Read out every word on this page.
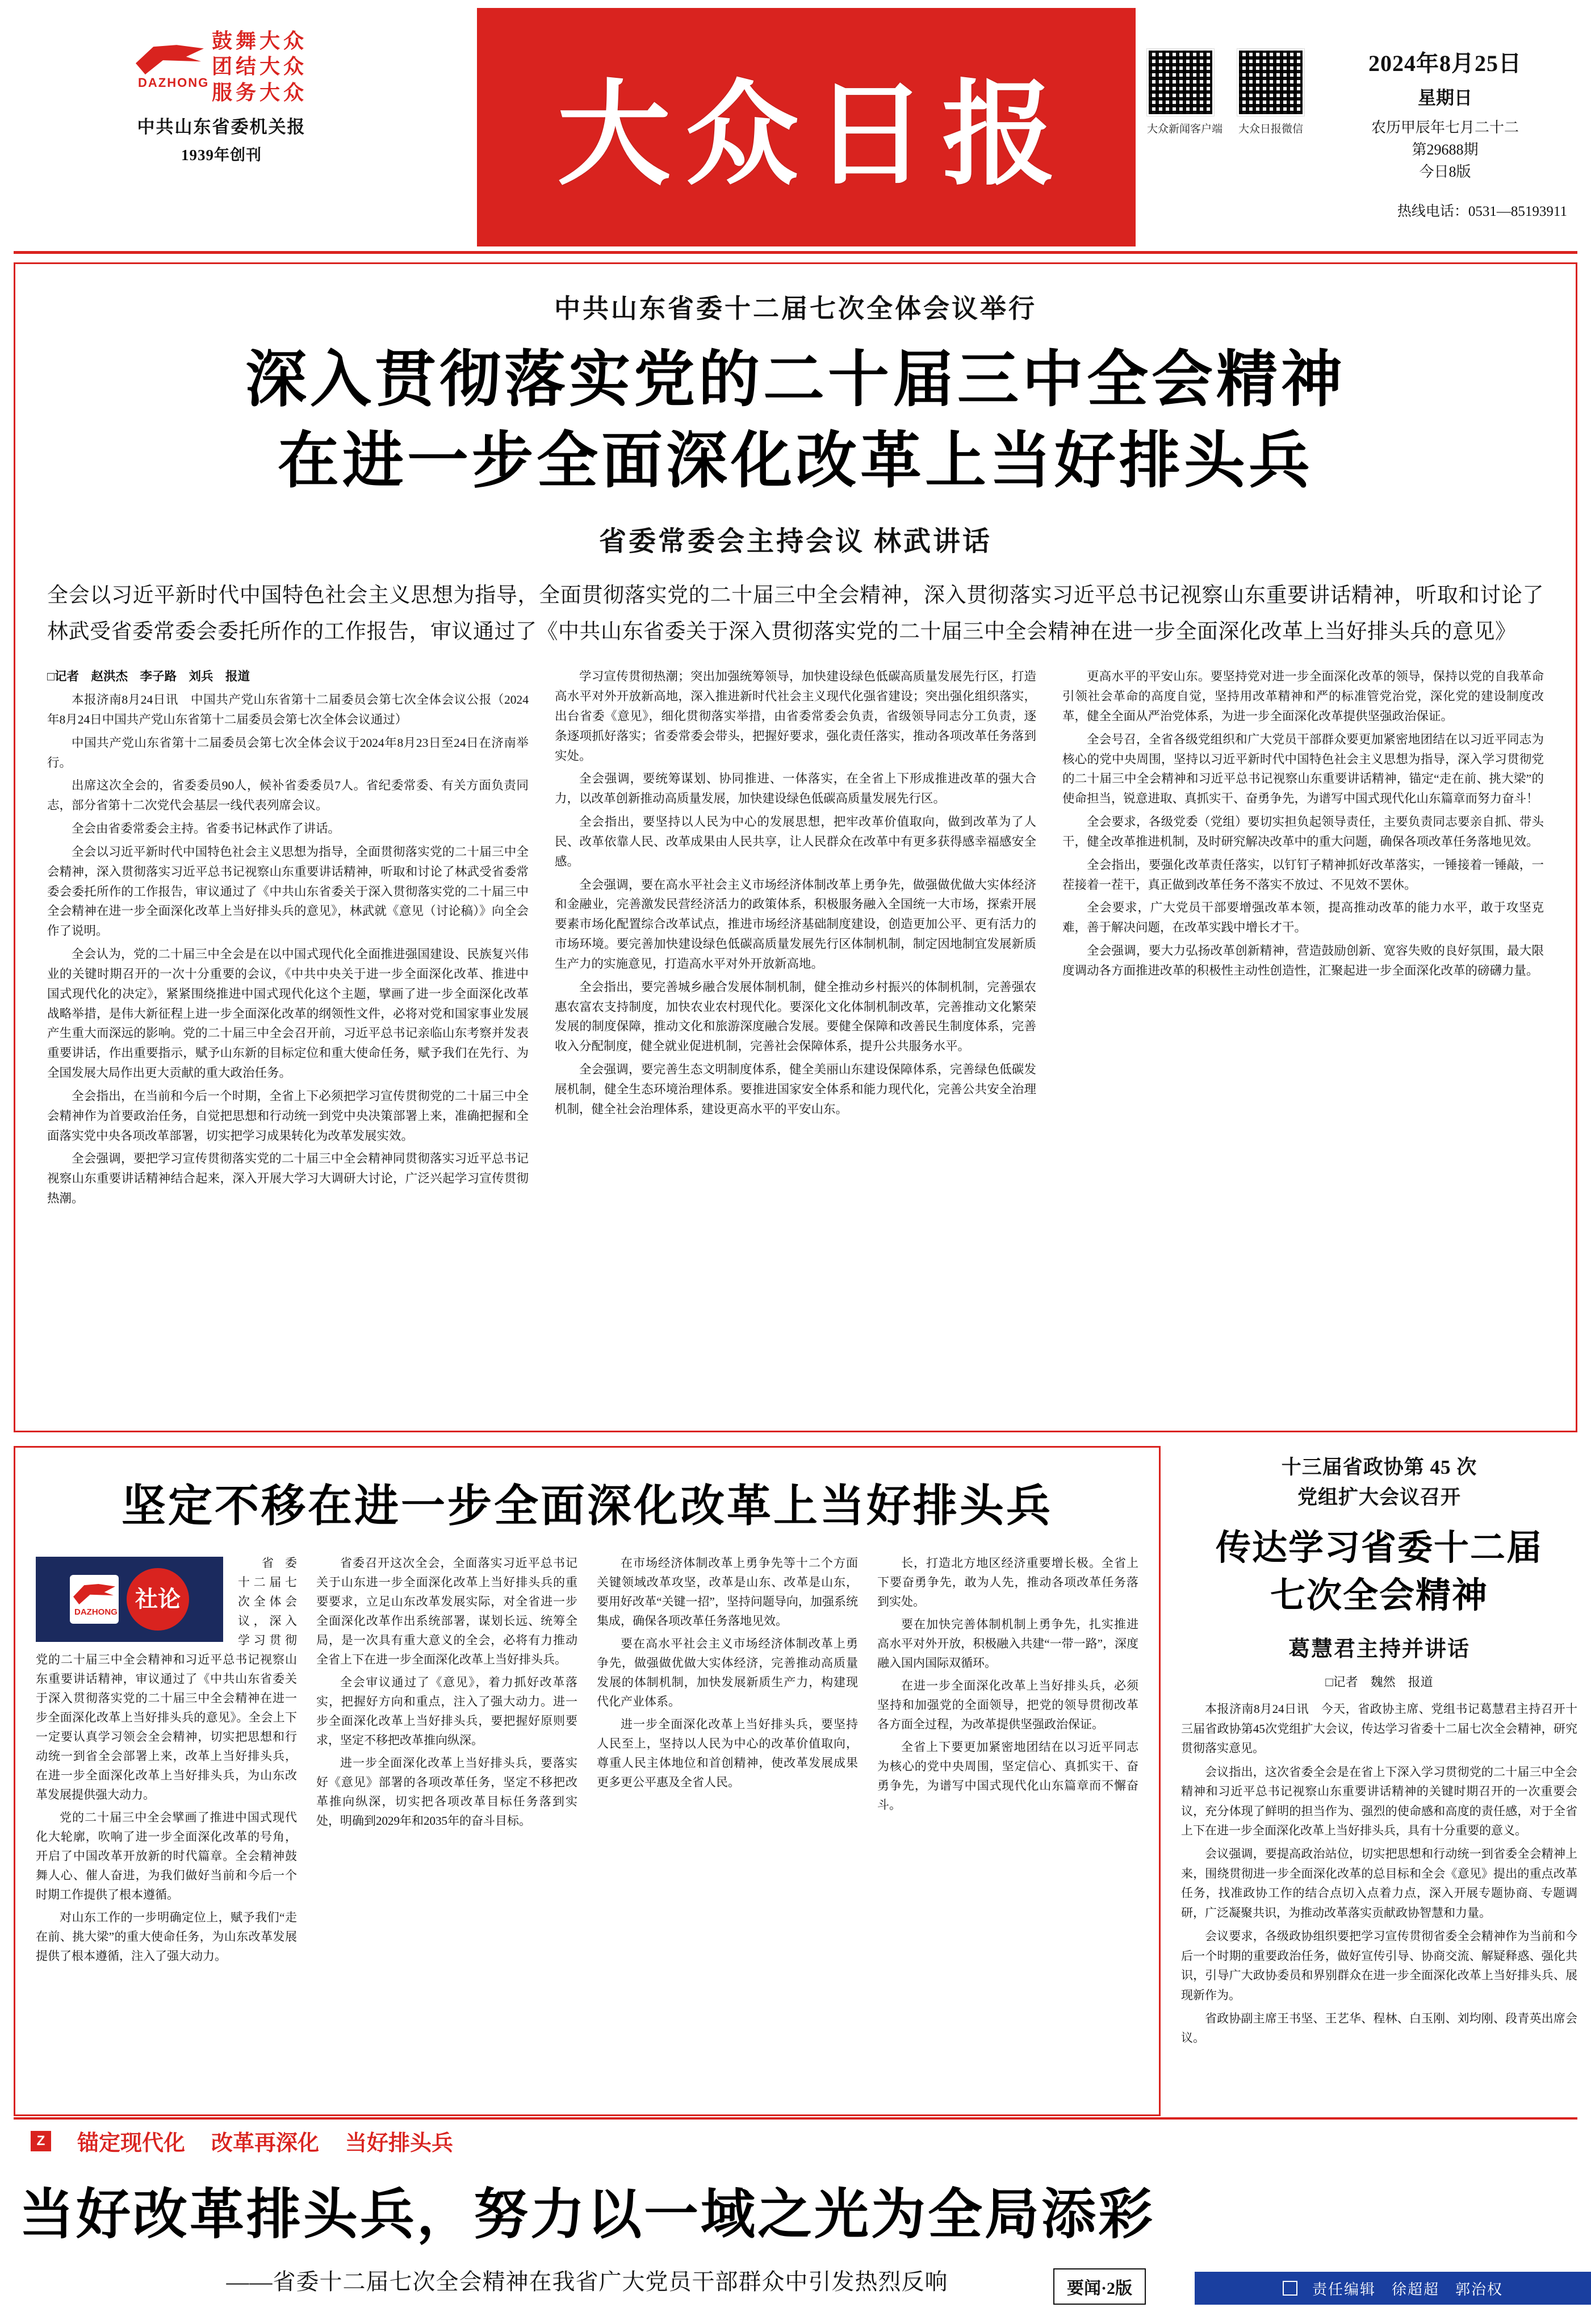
DAZHONG
鼓舞大众
团结大众
服务大众
中共山东省委机关报
1939年创刊	大众日报	大众新闻客户端 大众日报微信
2024年8月25日
星期日
农历甲辰年七月二十二
第29688期
今日8版
热线电话：0531—85193911
中共山东省委十二届七次全体会议举行
深入贯彻落实党的二十届三中全会精神
在进一步全面深化改革上当好排头兵
省委常委会主持会议 林武讲话
全会以习近平新时代中国特色社会主义思想为指导，全面贯彻落实党的二十届三中全会精神，深入贯彻落实习近平总书记视察山东重要讲话精神，听取和讨论了林武受省委常委会委托所作的工作报告，审议通过了《中共山东省委关于深入贯彻落实党的二十届三中全会精神在进一步全面深化改革上当好排头兵的意见》

□记者　赵洪杰　李子路　刘兵　报道

本报济南8月24日讯　中国共产党山东省第十二届委员会第七次全体会议公报（2024年8月24日中国共产党山东省第十二届委员会第七次全体会议通过）

中国共产党山东省第十二届委员会第七次全体会议于2024年8月23日至24日在济南举行。

出席这次全会的，省委委员90人，候补省委委员7人。省纪委常委、有关方面负责同志，部分省第十二次党代会基层一线代表列席会议。

全会由省委常委会主持。省委书记林武作了讲话。

全会以习近平新时代中国特色社会主义思想为指导，全面贯彻落实党的二十届三中全会精神，深入贯彻落实习近平总书记视察山东重要讲话精神，听取和讨论了林武受省委常委会委托所作的工作报告，审议通过了《中共山东省委关于深入贯彻落实党的二十届三中全会精神在进一步全面深化改革上当好排头兵的意见》，林武就《意见（讨论稿）》向全会作了说明。

全会认为，党的二十届三中全会是在以中国式现代化全面推进强国建设、民族复兴伟业的关键时期召开的一次十分重要的会议，《中共中央关于进一步全面深化改革、推进中国式现代化的决定》，紧紧围绕推进中国式现代化这个主题，擘画了进一步全面深化改革战略举措，是伟大新征程上进一步全面深化改革的纲领性文件，必将对党和国家事业发展产生重大而深远的影响。党的二十届三中全会召开前，习近平总书记亲临山东考察并发表重要讲话，作出重要指示，赋予山东新的目标定位和重大使命任务，赋予我们在先行、为全国发展大局作出更大贡献的重大政治任务。

全会指出，在当前和今后一个时期，全省上下必须把学习宣传贯彻党的二十届三中全会精神作为首要政治任务，自觉把思想和行动统一到党中央决策部署上来，准确把握和全面落实党中央各项改革部署，切实把学习成果转化为改革发展实效。

全会强调，要把学习宣传贯彻落实党的二十届三中全会精神同贯彻落实习近平总书记视察山东重要讲话精神结合起来，深入开展大学习大调研大讨论，广泛兴起学习宣传贯彻热潮。

学习宣传贯彻热潮；突出加强统筹领导，加快建设绿色低碳高质量发展先行区，打造高水平对外开放新高地，深入推进新时代社会主义现代化强省建设；突出强化组织落实，出台省委《意见》，细化贯彻落实举措，由省委常委会负责，省级领导同志分工负责，逐条逐项抓好落实；省委常委会带头，把握好要求，强化责任落实，推动各项改革任务落到实处。

全会强调，要统筹谋划、协同推进、一体落实，在全省上下形成推进改革的强大合力，以改革创新推动高质量发展，加快建设绿色低碳高质量发展先行区。

全会指出，要坚持以人民为中心的发展思想，把牢改革价值取向，做到改革为了人民、改革依靠人民、改革成果由人民共享，让人民群众在改革中有更多获得感幸福感安全感。

全会强调，要在高水平社会主义市场经济体制改革上勇争先，做强做优做大实体经济和金融业，完善激发民营经济活力的政策体系，积极服务融入全国统一大市场，探索开展要素市场化配置综合改革试点，推进市场经济基础制度建设，创造更加公平、更有活力的市场环境。要完善加快建设绿色低碳高质量发展先行区体制机制，制定因地制宜发展新质生产力的实施意见，打造高水平对外开放新高地。

全会指出，要完善城乡融合发展体制机制，健全推动乡村振兴的体制机制，完善强农惠农富农支持制度，加快农业农村现代化。要深化文化体制机制改革，完善推动文化繁荣发展的制度保障，推动文化和旅游深度融合发展。要健全保障和改善民生制度体系，完善收入分配制度，健全就业促进机制，完善社会保障体系，提升公共服务水平。

全会强调，要完善生态文明制度体系，健全美丽山东建设保障体系，完善绿色低碳发展机制，健全生态环境治理体系。要推进国家安全体系和能力现代化，完善公共安全治理机制，健全社会治理体系，建设更高水平的平安山东。

更高水平的平安山东。要坚持党对进一步全面深化改革的领导，保持以党的自我革命引领社会革命的高度自觉，坚持用改革精神和严的标准管党治党，深化党的建设制度改革，健全全面从严治党体系，为进一步全面深化改革提供坚强政治保证。

全会号召，全省各级党组织和广大党员干部群众要更加紧密地团结在以习近平同志为核心的党中央周围，坚持以习近平新时代中国特色社会主义思想为指导，深入学习贯彻党的二十届三中全会精神和习近平总书记视察山东重要讲话精神，锚定“走在前、挑大梁”的使命担当，锐意进取、真抓实干、奋勇争先，为谱写中国式现代化山东篇章而努力奋斗！

全会要求，各级党委（党组）要切实担负起领导责任，主要负责同志要亲自抓、带头干，健全改革推进机制，及时研究解决改革中的重大问题，确保各项改革任务落地见效。

全会指出，要强化改革责任落实，以钉钉子精神抓好改革落实，一锤接着一锤敲，一茬接着一茬干，真正做到改革任务不落实不放过、不见效不罢休。

全会要求，广大党员干部要增强改革本领，提高推动改革的能力水平，敢于攻坚克难，善于解决问题，在改革实践中增长才干。

全会强调，要大力弘扬改革创新精神，营造鼓励创新、宽容失败的良好氛围，最大限度调动各方面推进改革的积极性主动性创造性，汇聚起进一步全面深化改革的磅礴力量。

坚定不移在进一步全面深化改革上当好排头兵
DAZHONG
社论

省委十二届七次全体会议，深入学习贯彻党的二十届三中全会精神和习近平总书记视察山东重要讲话精神，审议通过了《中共山东省委关于深入贯彻落实党的二十届三中全会精神在进一步全面深化改革上当好排头兵的意见》。全会上下一定要认真学习领会全会精神，切实把思想和行动统一到省全会部署上来，改革上当好排头兵，在进一步全面深化改革上当好排头兵，为山东改革发展提供强大动力。

党的二十届三中全会擘画了推进中国式现代化大轮廓，吹响了进一步全面深化改革的号角，开启了中国改革开放新的时代篇章。全会精神鼓舞人心、催人奋进，为我们做好当前和今后一个时期工作提供了根本遵循。

对山东工作的一步明确定位上，赋予我们“走在前、挑大梁”的重大使命任务，为山东改革发展提供了根本遵循，注入了强大动力。

省委召开这次全会，全面落实习近平总书记关于山东进一步全面深化改革上当好排头兵的重要要求，立足山东改革发展实际，对全省进一步全面深化改革作出系统部署，谋划长远、统筹全局，是一次具有重大意义的全会，必将有力推动全省上下在进一步全面深化改革上当好排头兵。

全会审议通过了《意见》，着力抓好改革落实，把握好方向和重点，注入了强大动力。进一步全面深化改革上当好排头兵，要把握好原则要求，坚定不移把改革推向纵深。

进一步全面深化改革上当好排头兵，要落实好《意见》部署的各项改革任务，坚定不移把改革推向纵深，切实把各项改革目标任务落到实处，明确到2029年和2035年的奋斗目标。

在市场经济体制改革上勇争先等十二个方面关键领域改革攻坚，改革是山东、改革是山东，要用好改革“关键一招”，坚持问题导向，加强系统集成，确保各项改革任务落地见效。

要在高水平社会主义市场经济体制改革上勇争先，做强做优做大实体经济，完善推动高质量发展的体制机制，加快发展新质生产力，构建现代化产业体系。

进一步全面深化改革上当好排头兵，要坚持人民至上，坚持以人民为中心的改革价值取向，尊重人民主体地位和首创精神，使改革发展成果更多更公平惠及全省人民。

长，打造北方地区经济重要增长极。全省上下要奋勇争先，敢为人先，推动各项改革任务落到实处。

要在加快完善体制机制上勇争先，扎实推进高水平对外开放，积极融入共建“一带一路”，深度融入国内国际双循环。

在进一步全面深化改革上当好排头兵，必须坚持和加强党的全面领导，把党的领导贯彻改革各方面全过程，为改革提供坚强政治保证。

全省上下要更加紧密地团结在以习近平同志为核心的党中央周围，坚定信心、真抓实干、奋勇争先，为谱写中国式现代化山东篇章而不懈奋斗。

十三届省政协第 45 次
党组扩大会议召开
传达学习省委十二届
七次全会精神
葛慧君主持并讲话
□记者　魏然　报道

本报济南8月24日讯　今天，省政协主席、党组书记葛慧君主持召开十三届省政协第45次党组扩大会议，传达学习省委十二届七次全会精神，研究贯彻落实意见。

会议指出，这次省委全会是在省上下深入学习贯彻党的二十届三中全会精神和习近平总书记视察山东重要讲话精神的关键时期召开的一次重要会议，充分体现了鲜明的担当作为、强烈的使命感和高度的责任感，对于全省上下在进一步全面深化改革上当好排头兵，具有十分重要的意义。

会议强调，要提高政治站位，切实把思想和行动统一到省委全会精神上来，围绕贯彻进一步全面深化改革的总目标和全会《意见》提出的重点改革任务，找准政协工作的结合点切入点着力点，深入开展专题协商、专题调研，广泛凝聚共识，为推动改革落实贡献政协智慧和力量。

会议要求，各级政协组织要把学习宣传贯彻省委全会精神作为当前和今后一个时期的重要政治任务，做好宣传引导、协商交流、解疑释惑、强化共识，引导广大政协委员和界别群众在进一步全面深化改革上当好排头兵、展现新作为。

省政协副主席王书坚、王艺华、程林、白玉刚、刘均刚、段青英出席会议。

Z 锚定现代化 改革再深化 当好排头兵
当好改革排头兵，努力以一域之光为全局添彩
——省委十二届七次全会精神在我省广大党员干部群众中引发热烈反响	要闻·2版	责任编辑　徐超超　郭治权
